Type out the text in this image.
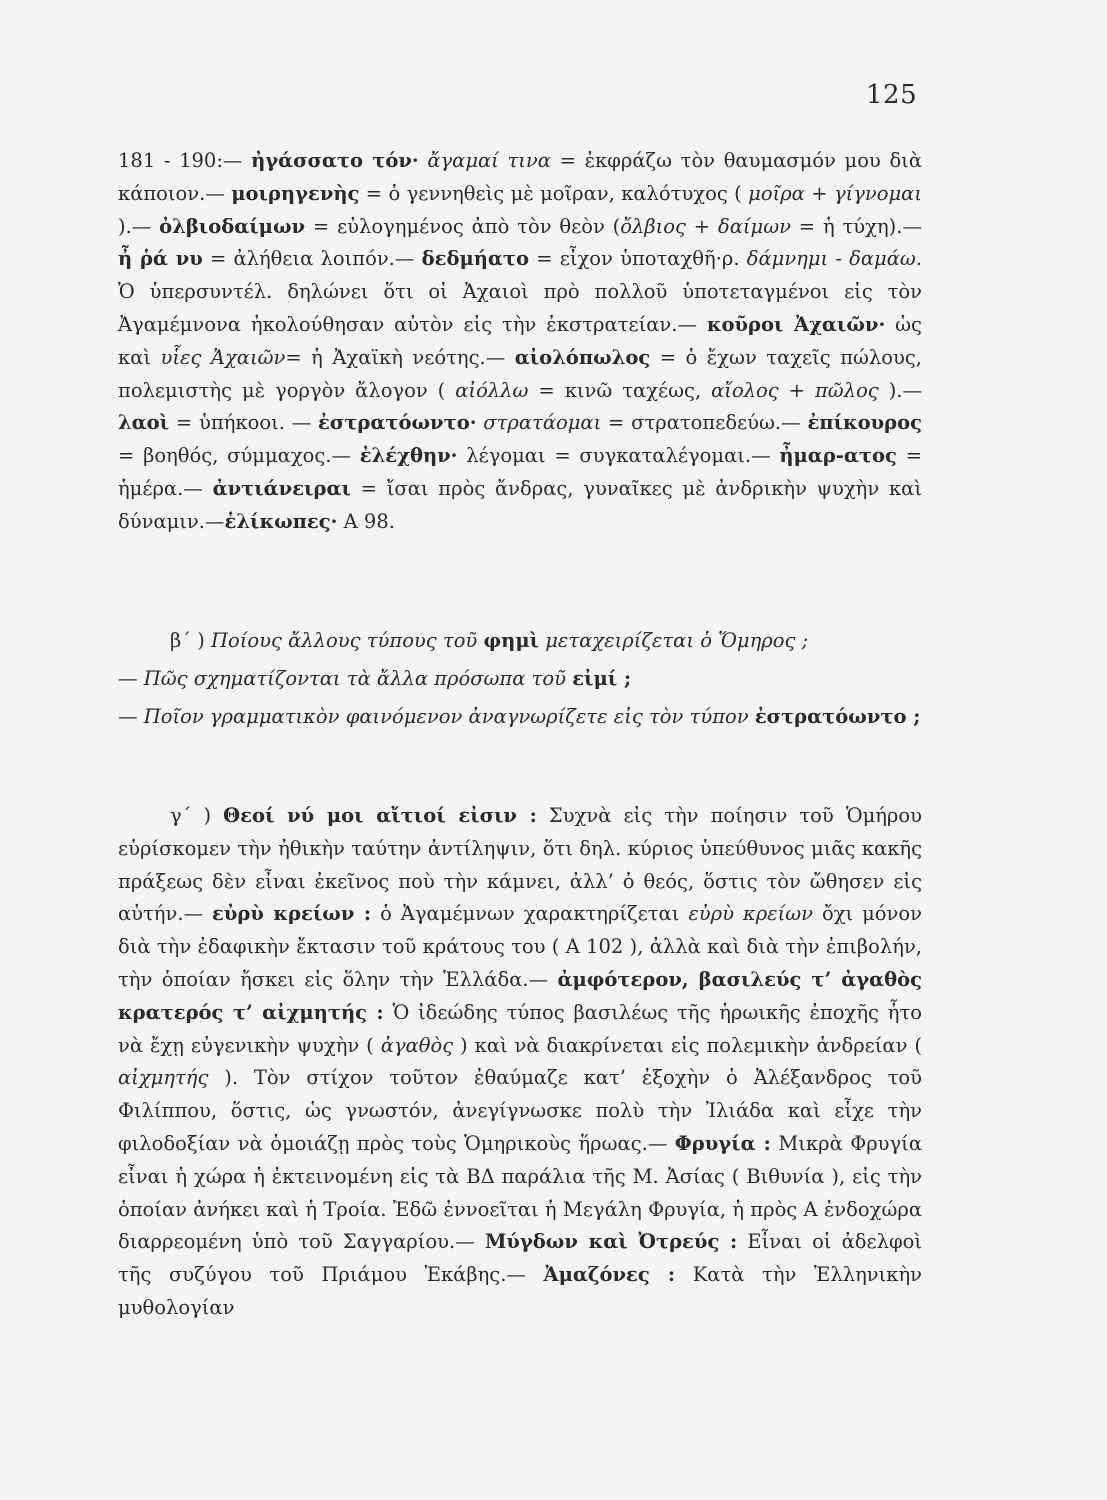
125

181 - 190:— ἠγάσσατο τόν· ἄγαμαί τινα = ἐκφράζω τὸν θαυμασμόν μου διὰ κάποιον.— μοιρηγενὴς = ὁ γεννηθεὶς μὲ μοῖραν, καλότυχος ( μοῖρα + γίγνομαι ).— ὀλβιοδαίμων = εὐλογημένος ἀπὸ τὸν θεὸν (ὄλβιος + δαίμων = ἡ τύχη).— ἦ ῥά νυ = ἀλήθεια λοιπόν.— δεδμήατο = εἶχον ὑποταχθῆ·ρ. δάμνημι - δαμάω. Ὁ ὑπερσυντέλ. δηλώνει ὅτι οἱ Ἀχαιοὶ πρὸ πολλοῦ ὑποτεταγμένοι εἰς τὸν Ἀγαμέμνονα ἠκολούθησαν αὐτὸν εἰς τὴν ἐκστρατείαν.— κοῦροι Ἀχαιῶν· ὡς καὶ υἷες Ἀχαιῶν= ἡ Ἀχαϊκὴ νεότης.— αἰολόπωλος = ὁ ἔχων ταχεῖς πώλους, πολεμιστὴς μὲ γοργὸν ἄλογον ( αἰόλλω = κινῶ ταχέως, αἴολος + πῶλος ).— λαοὶ = ὑπήκοοι. — ἐστρατόωντο· στρατάομαι = στρατοπεδεύω.— ἐπίκουρος = βοηθός, σύμμαχος.— ἐλέχθην· λέγομαι = συγκαταλέγομαι.— ἦμαρ-ατος = ἡμέρα.— ἀντιάνειραι = ἴσαι πρὸς ἄνδρας, γυναῖκες μὲ ἀνδρικὴν ψυχὴν καὶ δύναμιν.—ἑλίκωπες· Α 98.

β΄ ) Ποίους ἄλλους τύπους τοῦ φημὶ μεταχειρίζεται ὁ Ὅμηρος ;
— Πῶς σχηματίζονται τὰ ἄλλα πρόσωπα τοῦ εἰμί ;
— Ποῖον γραμματικὸν φαινόμενον ἀναγνωρίζετε εἰς τὸν τύπον ἐστρατόωντο ;

γ΄ ) Θεοί νύ μοι αἴτιοί εἰσιν : Συχνὰ εἰς τὴν ποίησιν τοῦ Ὁμήρου εὑρίσκομεν τὴν ἠθικὴν ταύτην ἀντίληψιν, ὅτι δηλ. κύριος ὑπεύθυνος μιᾶς κακῆς πράξεως δὲν εἶναι ἐκεῖνος ποὺ τὴν κάμνει, ἀλλ’ ὁ θεός, ὅστις τὸν ὤθησεν εἰς αὐτήν.— εὐρὺ κρείων : ὁ Ἀγαμέμνων χαρακτηρίζεται εὐρὺ κρείων ὄχι μόνον διὰ τὴν ἐδαφικὴν ἔκτασιν τοῦ κράτους του ( Α 102 ), ἀλλὰ καὶ διὰ τὴν ἐπιβολήν, τὴν ὁποίαν ἤσκει εἰς ὅλην τὴν Ἑλλάδα.— ἀμφότερον, βασιλεύς τ’ ἀγαθὸς κρατερός τ’ αἰχμητής : Ὁ ἰδεώδης τύπος βασιλέως τῆς ἡρωικῆς ἐποχῆς ἦτο νὰ ἔχῃ εὐγενικὴν ψυχὴν ( ἀγαθὸς ) καὶ νὰ διακρίνεται εἰς πολεμικὴν ἀνδρείαν ( αἰχμητής ). Τὸν στίχον τοῦτον ἐθαύμαζε κατ’ ἐξοχὴν ὁ Ἀλέξανδρος τοῦ Φιλίππου, ὅστις, ὡς γνωστόν, ἀνεγίγνωσκε πολὺ τὴν Ἰλιάδα καὶ εἶχε τὴν φιλοδοξίαν νὰ ὁμοιάζῃ πρὸς τοὺς Ὁμηρικοὺς ἥρωας.— Φρυγία : Μικρὰ Φρυγία εἶναι ἡ χώρα ἡ ἐκτεινομένη εἰς τὰ ΒΔ παράλια τῆς Μ. Ἀσίας ( Βιθυνία ), εἰς τὴν ὁποίαν ἀνήκει καὶ ἡ Τροία. Ἐδῶ ἐννοεῖται ἡ Μεγάλη Φρυγία, ἡ πρὸς Α ἐνδοχώρα διαρρεομένη ὑπὸ τοῦ Σαγγαρίου.— Μύγδων καὶ Ὀτρεύς : Εἶναι οἱ ἀδελφοὶ τῆς συζύγου τοῦ Πριάμου Ἑκάβης.— Ἀμαζόνες : Κατὰ τὴν Ἑλληνικὴν μυθολογίαν
